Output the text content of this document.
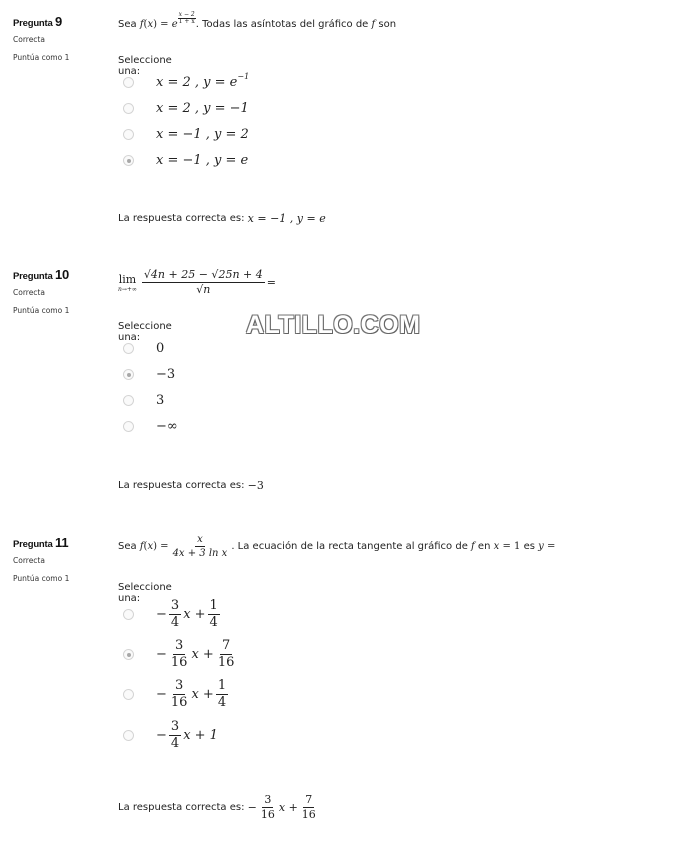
Pregunta 9
Correcta
Puntúa como 1
Sea
f ( x )
=
e $\frac{x - 2}{1 + x}$ . Todas las asíntotas del gráfico de
f
son
Seleccione una:
x = 2 , y = e −1
x = 2 , y = −1
x = −1 , y = 2
x = −1 , y = e
La respuesta correcta es:
x = −1 , y = e
Pregunta 10
Correcta
Puntúa como 1
lim
$n\to+\infty \frac{√4n + 25 - √25n + 4}{√n}$ =
Seleccione una:
0
−3
3
−∞
La respuesta correcta es:
−3
Pregunta 11
Correcta
Puntúa como 1
Sea
f ( x )
= $\frac{x}{\text{4x + 3 ln x}}$ . La ecuación de la recta tangente al gráfico de
f en x
=
1
es
y
=
Seleccione una:
− $\frac{3}{4}$ $x + \frac{1}{4}$
− $\frac{3}{16}$ $x + \frac{7}{16}$
− $\frac{3}{16}$ $x + \frac{1}{4}$
− $\frac{3}{4}$ x + 1
La respuesta correcta es:
− $\frac{3}{16}$ $x + \frac{7}{16}$
ALTILLO.COM
